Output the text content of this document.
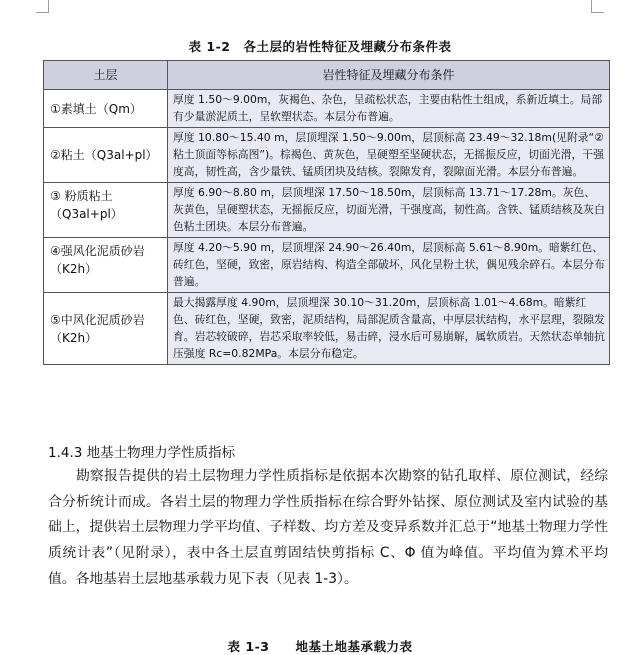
表 1-2　各土层的岩性特征及埋藏分布条件表
土层	岩性特征及埋藏分布条件
①素填土（Qm）	厚度 1.50～9.00m，灰褐色、杂色，呈疏松状态，主要由粘性土组成，系新近填土。局部有少量淤泥质土，呈软塑状态。本层分布普遍。
②粘土（Q3al+pl）	厚度 10.80～15.40 m，层顶埋深 1.50～9.00m，层顶标高 23.49～32.18m(见附录“②粘土顶面等标高图”)。棕褐色、黄灰色，呈硬塑至坚硬状态，无摇振反应，切面光滑，干强度高，韧性高，含少量铁、锰质团块及结核。裂隙发育，裂隙面光滑。本层分布普遍。
③ 粉质粘土（Q3al+pl）	厚度 6.90～8.80 m，层顶埋深 17.50～18.50m，层顶标高 13.71～17.28m。灰色、灰黄色，呈硬塑状态，无摇振反应，切面光滑，干强度高，韧性高。含铁、锰质结核及灰白色粘土团块。本层分布普遍。
④强风化泥质砂岩（K2h）	厚度 4.20～5.90 m，层顶埋深 24.90～26.40m，层顶标高 5.61～8.90m。暗紫红色、砖红色，坚硬，致密，原岩结构、构造全部破坏，风化呈粉土状，偶见残余碎石。本层分布普遍。
⑤中风化泥质砂岩（K2h）	最大揭露厚度 4.90m，层顶埋深 30.10～31.20m，层顶标高 1.01～4.68m。暗紫红色、砖红色，坚硬，致密，泥质结构，局部泥质含量高，中厚层状结构，水平层理，裂隙发育。岩芯较破碎，岩芯采取率较低，易击碎，浸水后可易崩解，属软质岩。天然状态单轴抗压强度 Rc=0.82MPa。本层分布稳定。
1.4.3 地基土物理力学性质指标

勘察报告提供的岩土层物理力学性质指标是依据本次勘察的钻孔取样、原位测试，经综合分析统计而成。各岩土层的物理力学性质指标在综合野外钻探、原位测试及室内试验的基础上，提供岩土层物理力学平均值、子样数、均方差及变异系数并汇总于“地基土物理力学性质统计表”（见附录），表中各土层直剪固结快剪指标 C、Φ 值为峰值。平均值为算术平均值。各地基岩土层地基承载力见下表（见表 1-3）。

表 1-3　　地基土地基承载力表
